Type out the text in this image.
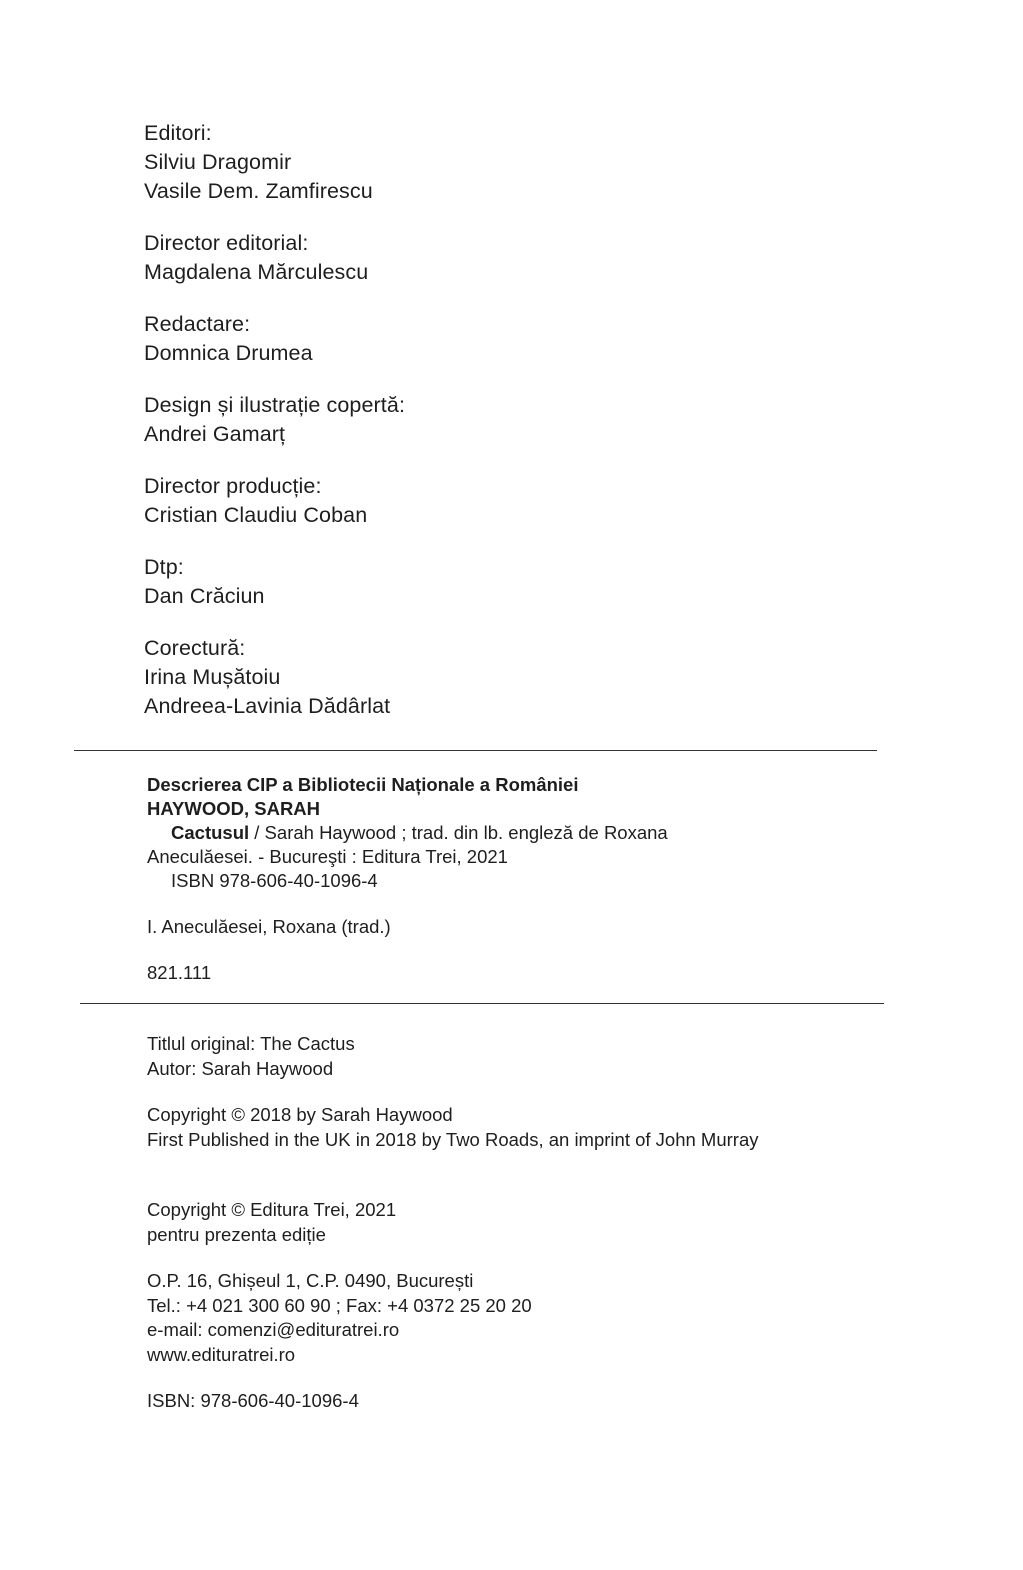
Editori:
Silviu Dragomir
Vasile Dem. Zamfirescu
Director editorial:
Magdalena Mărculescu
Redactare:
Domnica Drumea
Design și ilustrație copertă:
Andrei Gamarț
Director producție:
Cristian Claudiu Coban
Dtp:
Dan Crăciun
Corectură:
Irina Mușătoiu
Andreea-Lavinia Dădârlat
Descrierea CIP a Bibliotecii Naționale a României
HAYWOOD, SARAH
Cactusul / Sarah Haywood ; trad. din lb. engleză de Roxana
Aneculăesei. - Bucureşti : Editura Trei, 2021
ISBN 978-606-40-1096-4
I. Aneculăesei, Roxana (trad.)
821.111
Titlul original: The Cactus
Autor: Sarah Haywood
Copyright © 2018 by Sarah Haywood
First Published in the UK in 2018 by Two Roads, an imprint of John Murray
Copyright © Editura Trei, 2021
pentru prezenta ediție
O.P. 16, Ghișeul 1, C.P. 0490, București
Tel.: +4 021 300 60 90 ; Fax: +4 0372 25 20 20
e-mail: comenzi@edituratrei.ro
www.edituratrei.ro
ISBN: 978-606-40-1096-4
